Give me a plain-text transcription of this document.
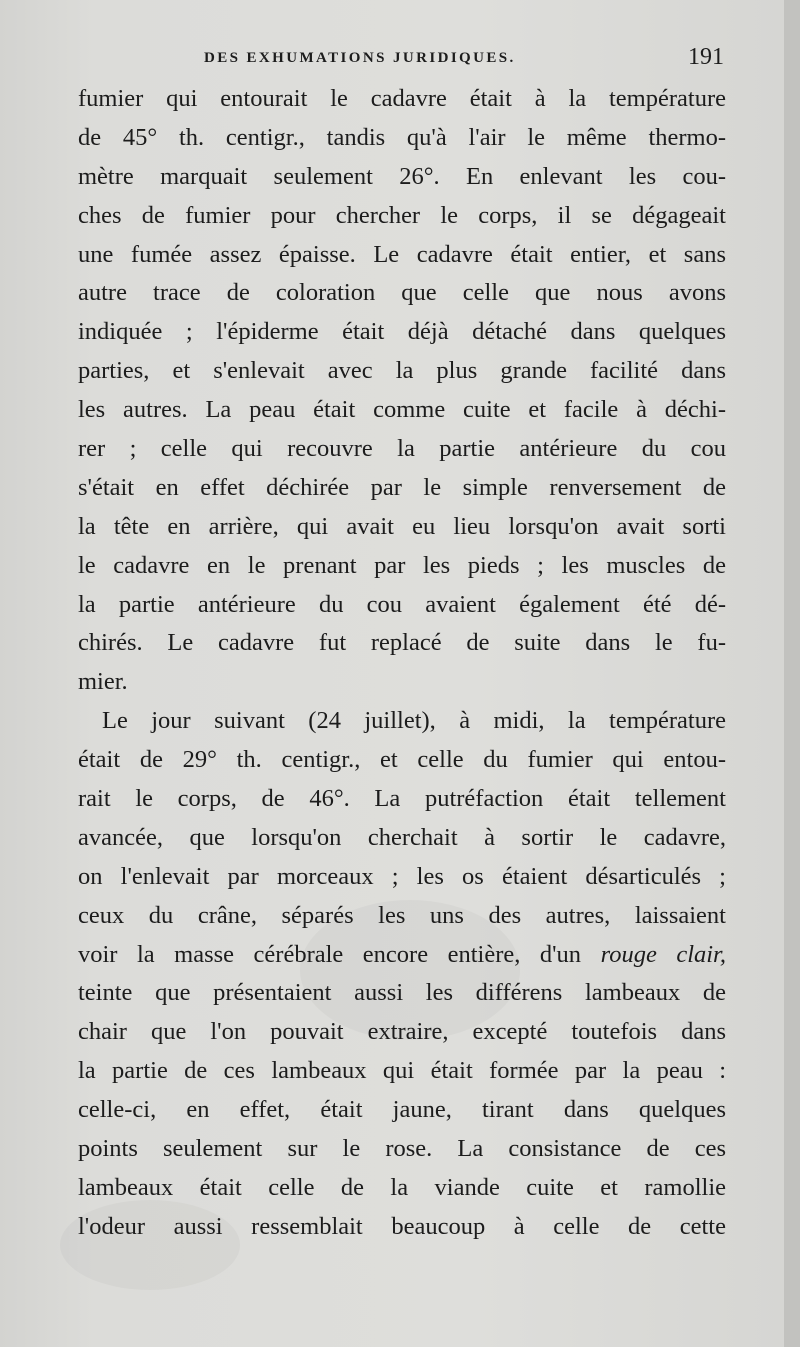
DES EXHUMATIONS JURIDIQUES.	191
fumier qui entourait le cadavre était à la température
de 45° th. centigr., tandis qu'à l'air le même thermo-
mètre marquait seulement 26°. En enlevant les cou-
ches de fumier pour chercher le corps, il se dégageait
une fumée assez épaisse. Le cadavre était entier, et sans
autre trace de coloration que celle que nous avons
indiquée ; l'épiderme était déjà détaché dans quelques
parties, et s'enlevait avec la plus grande facilité dans
les autres. La peau était comme cuite et facile à déchi-
rer ; celle qui recouvre la partie antérieure du cou
s'était en effet déchirée par le simple renversement de
la tête en arrière, qui avait eu lieu lorsqu'on avait sorti
le cadavre en le prenant par les pieds ; les muscles de
la partie antérieure du cou avaient également été dé-
chirés. Le cadavre fut replacé de suite dans le fu-
mier.
Le jour suivant (24 juillet), à midi, la température
était de 29° th. centigr., et celle du fumier qui entou-
rait le corps, de 46°. La putréfaction était tellement
avancée, que lorsqu'on cherchait à sortir le cadavre,
on l'enlevait par morceaux ; les os étaient désarticulés ;
ceux du crâne, séparés les uns des autres, laissaient
voir la masse cérébrale encore entière, d'un rouge clair,
teinte que présentaient aussi les différens lambeaux de
chair que l'on pouvait extraire, excepté toutefois dans
la partie de ces lambeaux qui était formée par la peau :
celle-ci, en effet, était jaune, tirant dans quelques
points seulement sur le rose. La consistance de ces
lambeaux était celle de la viande cuite et ramollie
l'odeur aussi ressemblait beaucoup à celle de cette
